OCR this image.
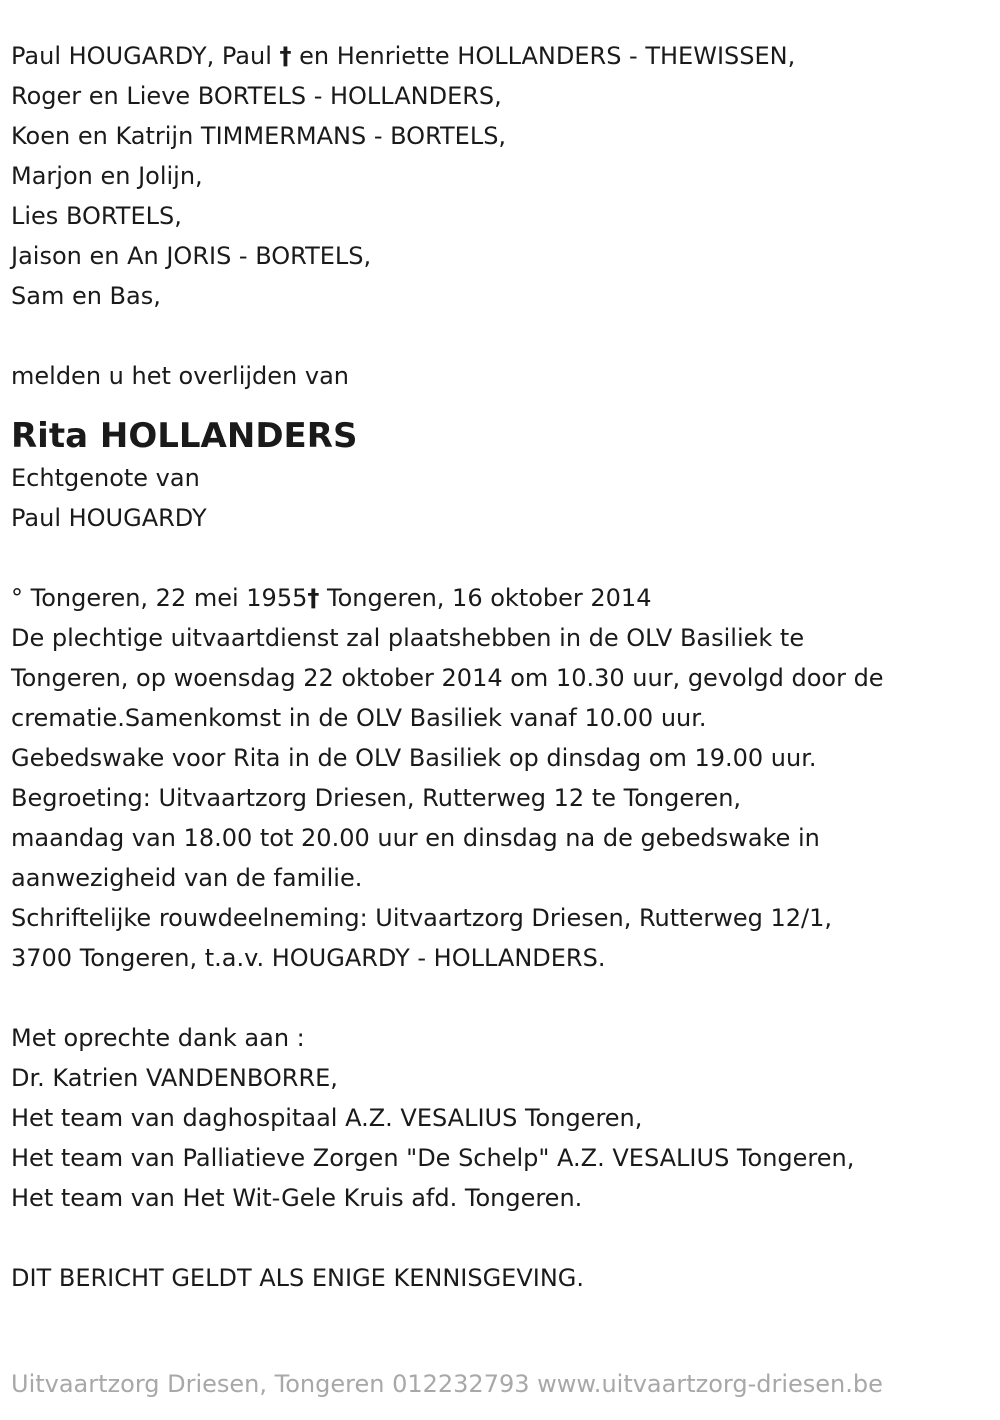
Paul HOUGARDY, Paul † en Henriette HOLLANDERS - THEWISSEN,
Roger en Lieve BORTELS - HOLLANDERS,
Koen en Katrijn TIMMERMANS - BORTELS,
Marjon en Jolijn,
Lies BORTELS,
Jaison en An JORIS - BORTELS,
Sam en Bas,
melden u het overlijden van
Rita HOLLANDERS
Echtgenote van
Paul HOUGARDY
° Tongeren, 22 mei 1955† Tongeren, 16 oktober 2014
De plechtige uitvaartdienst zal plaatshebben in de OLV Basiliek te
Tongeren, op woensdag 22 oktober 2014 om 10.30 uur, gevolgd door de
crematie.Samenkomst in de OLV Basiliek vanaf 10.00 uur.
Gebedswake voor Rita in de OLV Basiliek op dinsdag om 19.00 uur.
Begroeting: Uitvaartzorg Driesen, Rutterweg 12 te Tongeren,
maandag van 18.00 tot 20.00 uur en dinsdag na de gebedswake in
aanwezigheid van de familie.
Schriftelijke rouwdeelneming: Uitvaartzorg Driesen, Rutterweg 12/1,
3700 Tongeren, t.a.v. HOUGARDY - HOLLANDERS.
Met oprechte dank aan :
Dr. Katrien VANDENBORRE,
Het team van daghospitaal A.Z. VESALIUS Tongeren,
Het team van Palliatieve Zorgen "De Schelp" A.Z. VESALIUS Tongeren,
Het team van Het Wit-Gele Kruis afd. Tongeren.
DIT BERICHT GELDT ALS ENIGE KENNISGEVING.
Uitvaartzorg Driesen, Tongeren 012232793 www.uitvaartzorg-driesen.be
